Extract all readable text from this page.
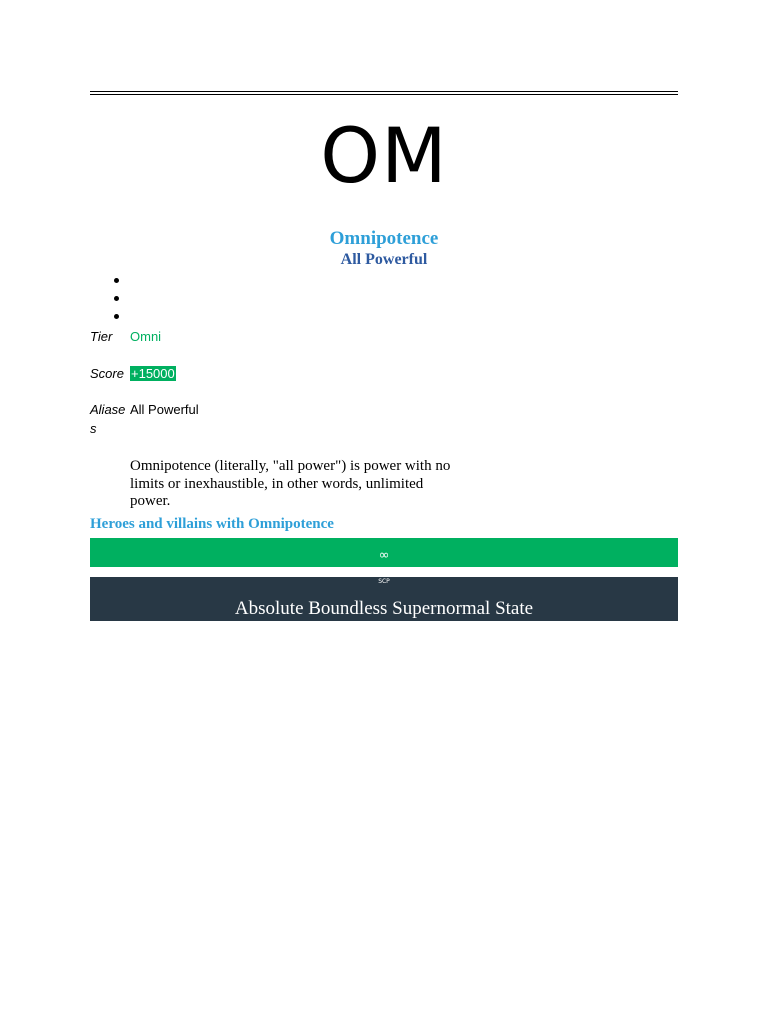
OM
Omnipotence
All Powerful
Tier	Omni
Score +15000
Aliases
All Powerful
Omnipotence (literally, "all power") is power with no limits or inexhaustible, in other words, unlimited power.
Heroes and villains with Omnipotence
∞
SCP
Absolute Boundless Supernormal State
